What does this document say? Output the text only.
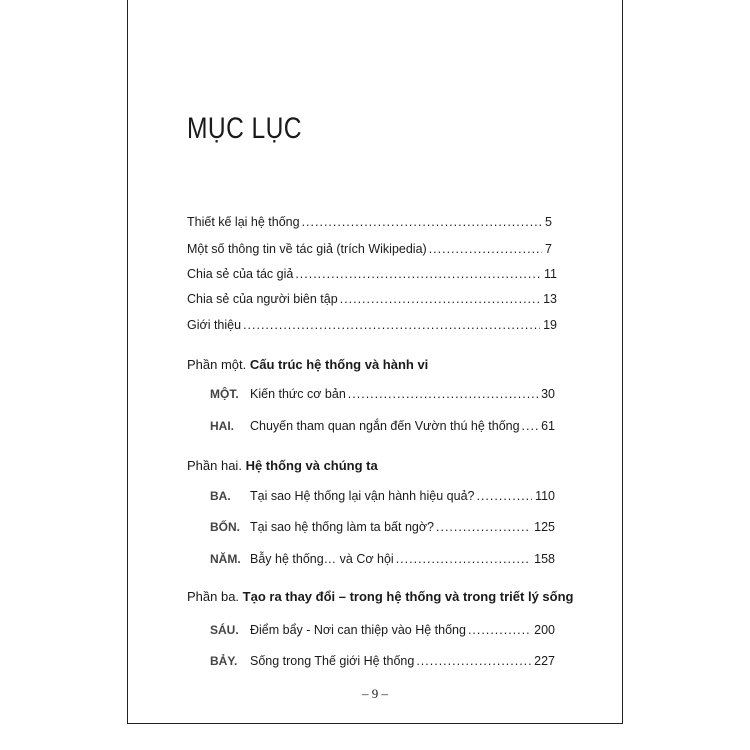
MỤC LỤC
Thiết kế lại hệ thống .....	5
Một số thông tin về tác giả (trích Wikipedia) .....	7
Chia sẻ của tác giả .....	11
Chia sẻ của người biên tập .....	13
Giới thiệu .....	19
Phần một. Cấu trúc hệ thống và hành vi
MỘT. Kiến thức cơ bản .....	30
HAI.	Chuyến tham quan ngắn đến Vườn thú hệ thống ..... 61
Phần hai. Hệ thống và chúng ta
BA.	Tại sao Hệ thống lại vận hành hiệu quả? .....	110
BỐN. Tại sao hệ thống làm ta bất ngờ? .....	125
NĂM. Bẫy hệ thống… và Cơ hội .....	158
Phần ba. Tạo ra thay đổi – trong hệ thống và trong triết lý sống
SÁU. Điểm bẩy - Nơi can thiệp vào Hệ thống .....	200
BẢY.	Sống trong Thế giới Hệ thống .....	227
– 9 –
